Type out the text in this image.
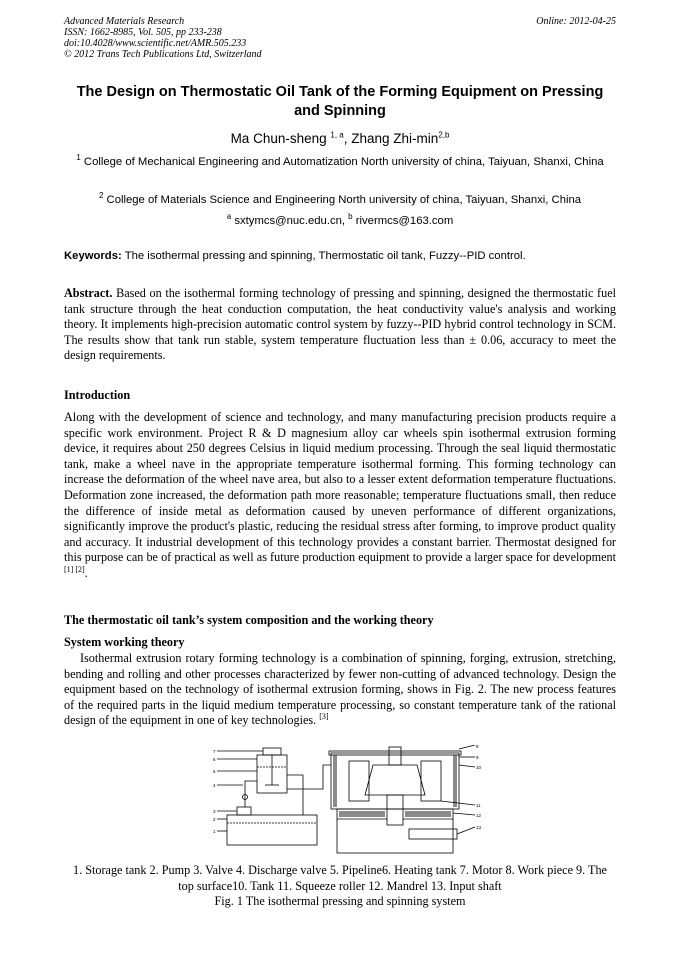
Advanced Materials Research
ISSN: 1662-8985, Vol. 505, pp 233-238
doi:10.4028/www.scientific.net/AMR.505.233
© 2012 Trans Tech Publications Ltd, Switzerland
Online: 2012-04-25
The Design on Thermostatic Oil Tank of the Forming Equipment on Pressing and Spinning
Ma Chun-sheng $^{1, a}$, Zhang Zhi-$\min^{2,b}$
$^1$ College of Mechanical Engineering and Automatization North university of china, Taiyuan, Shanxi, China
$^2$ College of Materials Science and Engineering North university of china, Taiyuan, Shanxi, China
$^a$ sxtymcs@nuc.edu.cn, $^b$ rivermcs@163.com
Keywords: The isothermal pressing and spinning, Thermostatic oil tank, Fuzzy--PID control.
Abstract. Based on the isothermal forming technology of pressing and spinning, designed the thermostatic fuel tank structure through the heat conduction computation, the heat conductivity value's analysis and working theory. It implements high-precision automatic control system by fuzzy--PID hybrid control technology in SCM. The results show that tank run stable, system temperature fluctuation less than ± 0.06, accuracy to meet the design requirements.
Introduction
Along with the development of science and technology, and many manufacturing precision products require a specific work environment. Project R & D magnesium alloy car wheels spin isothermal extrusion forming device, it requires about 250 degrees Celsius in liquid medium processing. Through the seal liquid thermostatic tank, make a wheel nave in the appropriate temperature isothermal forming. This forming technology can increase the deformation of the wheel nave area, but also to a lesser extent deformation temperature fluctuations. Deformation zone increased, the deformation path more reasonable; temperature fluctuations small, then reduce the difference of inside metal as deformation caused by uneven performance of different organizations, significantly improve the product's plastic, reducing the residual stress after forming, to improve product quality and accuracy. It industrial development of this technology provides a constant barrier. Thermostat designed for this purpose can be of practical as well as future production equipment to provide a larger space for development [1] [2].
The thermostatic oil tank’s system composition and the working theory
System working theory
Isothermal extrusion rotary forming technology is a combination of spinning, forging, extrusion, stretching, bending and rolling and other processes characterized by fewer non-cutting of advanced technology. Design the equipment based on the technology of isothermal extrusion forming, shows in Fig. 2. The new process features of the required parts in the liquid medium temperature processing, so constant temperature tank of the rational design of the equipment in one of key technologies. [3]
7
6
5
4
3
2
1
8
9
10
11
12
13
1. Storage tank 2. Pump 3. Valve 4. Discharge valve 5. Pipeline6. Heating tank 7. Motor 8. Work piece 9. The top surface10. Tank 11. Squeeze roller 12. Mandrel 13. Input shaft
Fig. 1 The isothermal pressing and spinning system
